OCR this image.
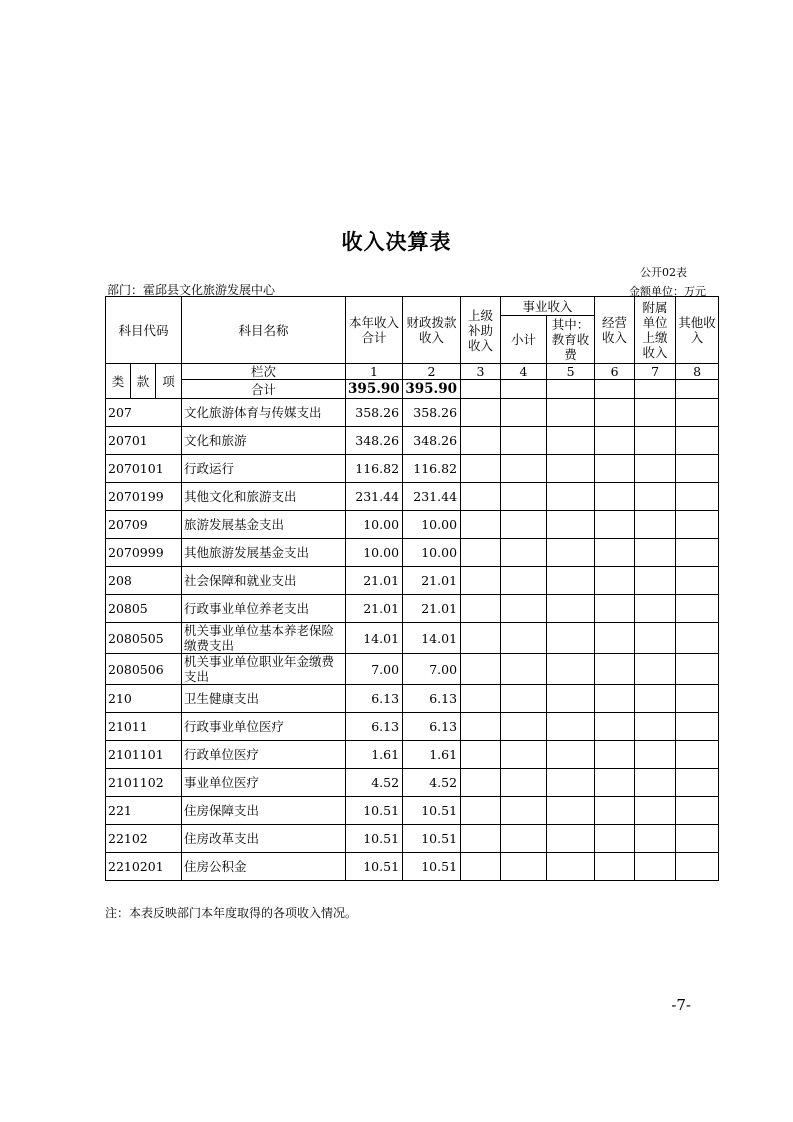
收入决算表
公开02表
部门：霍邱县文化旅游发展中心	金额单位：万元
科目代码			科目名称	本年收入合计	财政拨款收入	上级补助收入	事业收入		经营收入	附属单位上缴收入	其他收入
							小计	其中：教育收费			

类	款	项	栏次	1	2	3	4	5	6	7	8
			合计	395.90	395.90						
207			文化旅游体育与传媒支出	358.26	358.26						
20701			文化和旅游	348.26	348.26						
2070101			行政运行	116.82	116.82						
2070199			其他文化和旅游支出	231.44	231.44						
20709			旅游发展基金支出	10.00	10.00						
2070999			其他旅游发展基金支出	10.00	10.00						
208			社会保障和就业支出	21.01	21.01						
20805			行政事业单位养老支出	21.01	21.01						
2080505			机关事业单位基本养老保险缴费支出	14.01	14.01						
2080506			机关事业单位职业年金缴费支出	7.00	7.00						
210			卫生健康支出	6.13	6.13						
21011			行政事业单位医疗	6.13	6.13						
2101101			行政单位医疗	1.61	1.61						
2101102			事业单位医疗	4.52	4.52						
221			住房保障支出	10.51	10.51						
22102			住房改革支出	10.51	10.51						
2210201			住房公积金	10.51	10.51						
注：本表反映部门本年度取得的各项收入情况。
-7-
